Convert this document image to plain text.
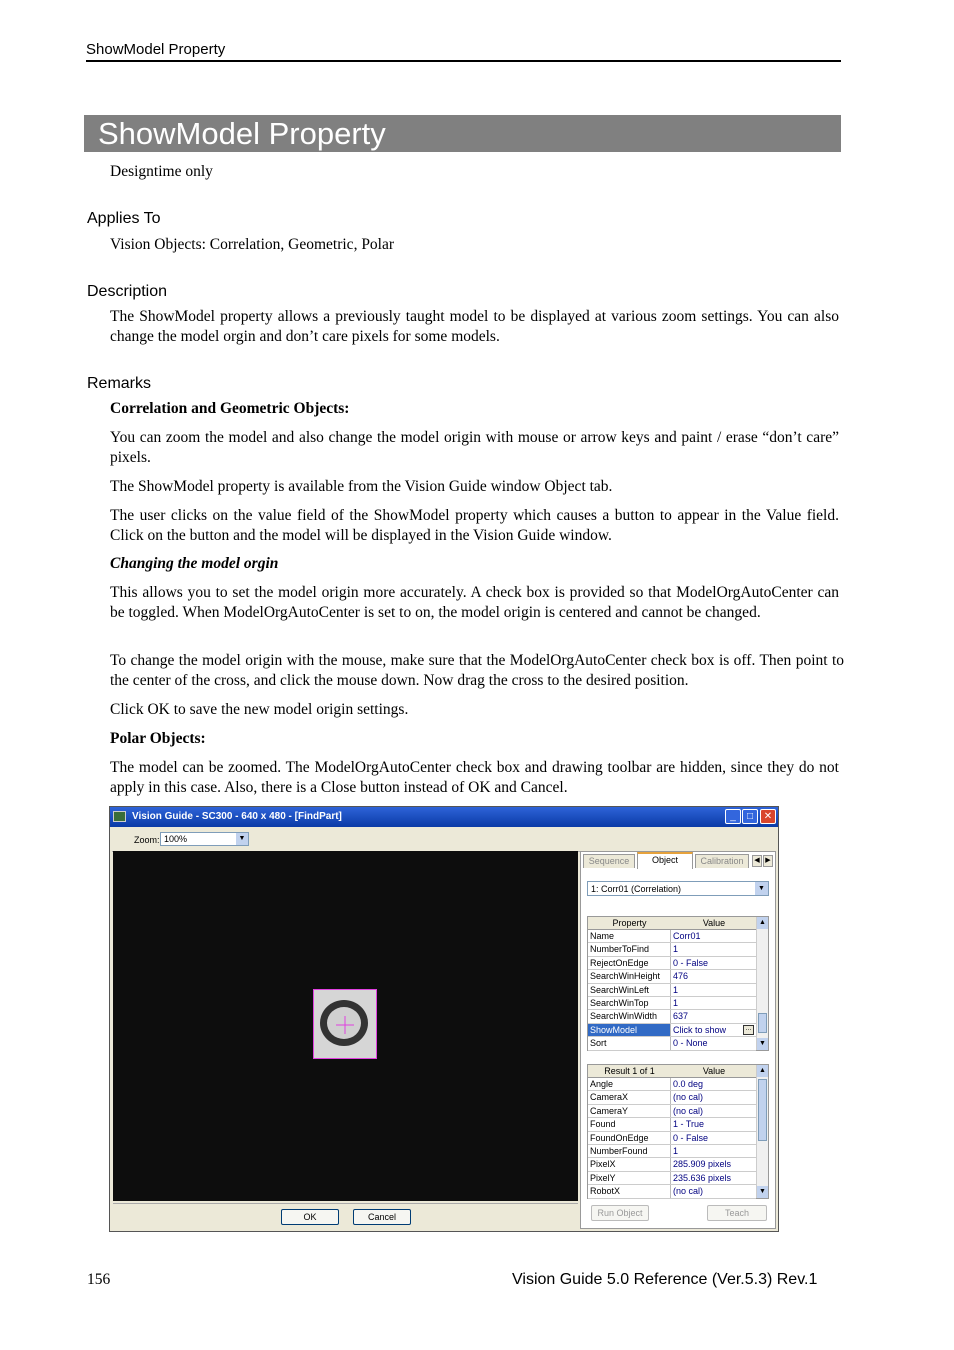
ShowModel Property
ShowModel Property
Designtime only
Applies To
Vision Objects: Correlation, Geometric, Polar
Description
The ShowModel property allows a previously taught model to be displayed at various zoom settings. You can also change the model orgin and don’t care pixels for some models.
Remarks
Correlation and Geometric Objects:
You can zoom the model and also change the model origin with mouse or arrow keys and paint / erase “don’t care” pixels.
The ShowModel property is available from the Vision Guide window Object tab.
The user clicks on the value field of the ShowModel property which causes a button to appear in the Value field. Click on the button and the model will be displayed in the Vision Guide window.
Changing the model orgin
This allows you to set the model origin more accurately. A check box is provided so that ModelOrgAutoCenter can be toggled. When ModelOrgAutoCenter is set to on, the model origin is centered and cannot be changed.
To change the model origin with the mouse, make sure that the ModelOrgAutoCenter check box is off. Then point to the center of the cross, and click the mouse down. Now drag the cross to the desired position.
Click OK to save the new model origin settings.
Polar Objects:
The model can be zoomed. The ModelOrgAutoCenter check box and drawing toolbar are hidden, since they do not apply in this case. Also, there is a Close button instead of OK and Cancel.
Vision Guide - SC300 - 640 x 480 - [FindPart]	_	□	✕
Zoom: 100%	▼
OK	Cancel
Sequence	Object	Calibration	◀ ▶
1: Corr01 (Correlation)	▼
Property	Value
Name	Corr01
NumberToFind	1
RejectOnEdge	0 - False
SearchWinHeight 476
SearchWinLeft	1
SearchWinTop	1
SearchWinWidth 637
ShowModel	Click to show	...
Sort	0 - None
▲
▼
Result 1 of 1	Value
Angle	0.0 deg
CameraX	(no cal)
CameraY	(no cal)
Found	1 - True
FoundOnEdge	0 - False
NumberFound	1
PixelX	285.909 pixels
PixelY	235.636 pixels
RobotX	(no cal)
▲
▼
Run Object	Teach
156	Vision Guide 5.0 Reference (Ver.5.3) Rev.1
